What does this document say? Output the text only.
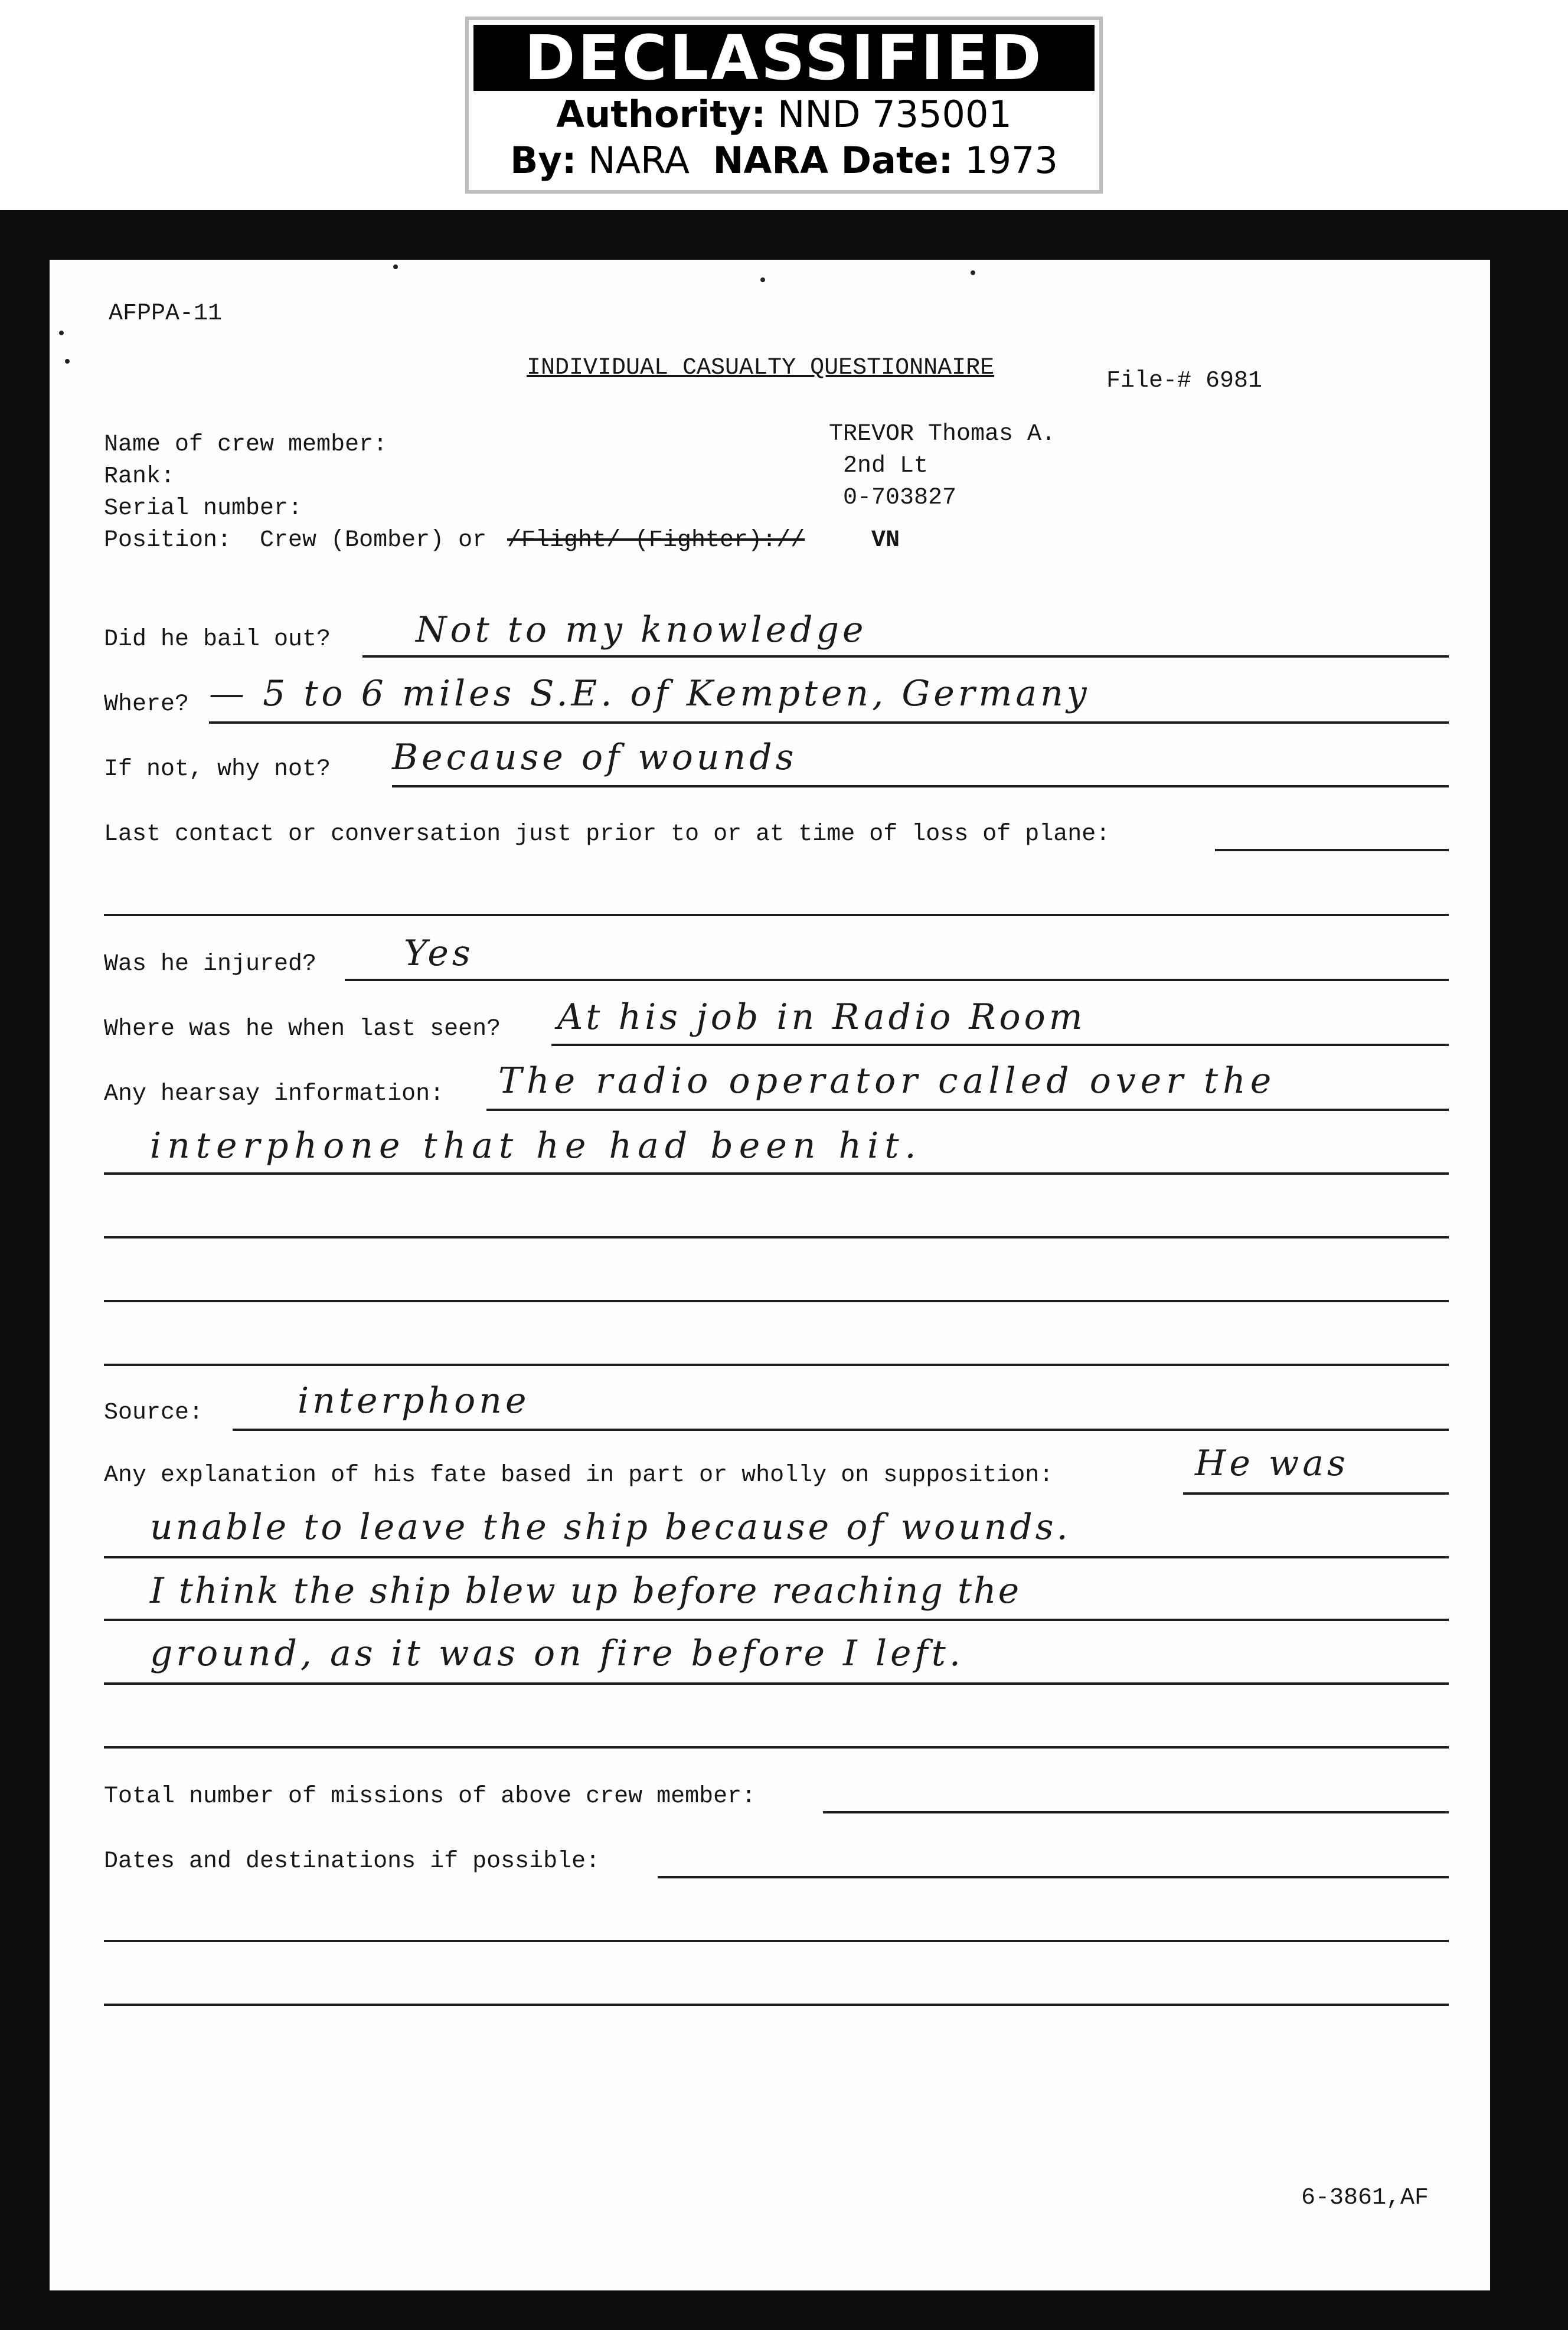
DECLASSIFIED
Authority: NND 735001
By: NARA NARA Date: 1973
AFPPA-11
INDIVIDUAL CASUALTY QUESTIONNAIRE	File-# 6981
Name of crew member:	TREVOR Thomas A.
Rank:	2nd Lt
Serial number:	0-703827
Position:  Crew (Bomber) or /Flight/ (Fighter)://	VN
Did he bail out? Not to my knowledge
Where? — 5 to 6 miles S.E. of Kempten, Germany
If not, why not? Because of wounds
Last contact or conversation just prior to or at time of loss of plane:
Was he injured? Yes
Where was he when last seen? At his job in Radio Room
Any hearsay information: The radio operator called over the
interphone that he had been hit.
Source:	interphone
Any explanation of his fate based in part or wholly on supposition:	He was
unable to leave the ship because of wounds.
I think the ship blew up before reaching the
ground, as it was on fire before I left.
Total number of missions of above crew member:
Dates and destinations if possible:
6-3861,AF
